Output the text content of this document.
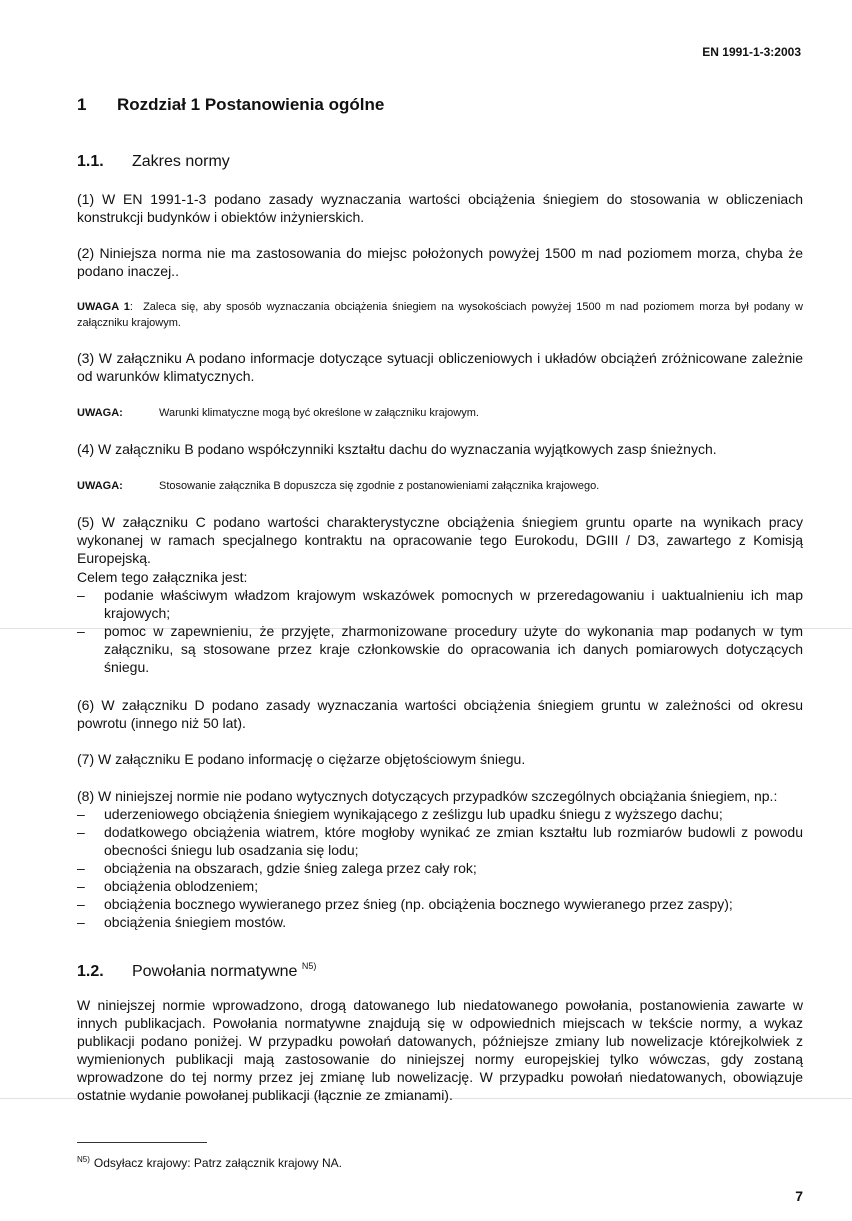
EN 1991-1-3:2003
1 Rozdział 1 Postanowienia ogólne
1.1. Zakres normy
(1) W EN 1991-1-3 podano zasady wyznaczania wartości obciążenia śniegiem do stosowania w obliczeniach konstrukcji budynków i obiektów inżynierskich.
(2) Niniejsza norma nie ma zastosowania do miejsc położonych powyżej 1500 m nad poziomem morza, chyba że podano inaczej..
UWAGA 1:  Zaleca się, aby sposób wyznaczania obciążenia śniegiem na wysokościach powyżej 1500 m nad poziomem morza był podany w załączniku krajowym.
(3) W załączniku A podano informacje dotyczące sytuacji obliczeniowych i układów obciążeń zróżnicowane zależnie od warunków klimatycznych.
UWAGA:	Warunki klimatyczne mogą być określone w załączniku krajowym.
(4) W załączniku B podano współczynniki kształtu dachu do wyznaczania wyjątkowych zasp śnieżnych.
UWAGA:	Stosowanie załącznika B dopuszcza się zgodnie z postanowieniami załącznika krajowego.
(5) W załączniku C podano wartości charakterystyczne obciążenia śniegiem gruntu oparte na wynikach pracy wykonanej w ramach specjalnego kontraktu na opracowanie tego Eurokodu, DGIII / D3, zawartego z Komisją Europejską.
Celem tego załącznika jest:
– podanie właściwym władzom krajowym wskazówek pomocnych w przeredagowaniu i uaktualnieniu ich map krajowych;
– pomoc w zapewnieniu, że przyjęte, zharmonizowane procedury użyte do wykonania map podanych w tym załączniku, są stosowane przez kraje członkowskie do opracowania ich danych pomiarowych dotyczących śniegu.
(6) W załączniku D podano zasady wyznaczania wartości obciążenia śniegiem gruntu w zależności od okresu powrotu (innego niż 50 lat).
(7) W załączniku E podano informację o ciężarze objętościowym śniegu.
(8) W niniejszej normie nie podano wytycznych dotyczących przypadków szczególnych obciążania śniegiem, np.:
– uderzeniowego obciążenia śniegiem wynikającego z ześlizgu lub upadku śniegu z wyższego dachu;
– dodatkowego obciążenia wiatrem, które mogłoby wynikać ze zmian kształtu lub rozmiarów budowli z powodu obecności śniegu lub osadzania się lodu;
– obciążenia na obszarach, gdzie śnieg zalega przez cały rok;
– obciążenia oblodzeniem;
– obciążenia bocznego wywieranego przez śnieg (np. obciążenia bocznego wywieranego przez zaspy);
– obciążenia śniegiem mostów.
1.2. Powołania normatywne $^{N5)}$
W niniejszej normie wprowadzono, drogą datowanego lub niedatowanego powołania, postanowienia zawarte w innych publikacjach. Powołania normatywne znajdują się w odpowiednich miejscach w tekście normy, a wykaz publikacji podano poniżej. W przypadku powołań datowanych, późniejsze zmiany lub nowelizacje którejkolwiek z wymienionych publikacji mają zastosowanie do niniejszej normy europejskiej tylko wówczas, gdy zostaną wprowadzone do tej normy przez jej zmianę lub nowelizację. W przypadku powołań niedatowanych, obowiązuje ostatnie wydanie powołanej publikacji (łącznie ze zmianami).
$^{N5)}$ Odsyłacz krajowy: Patrz załącznik krajowy NA.
7
